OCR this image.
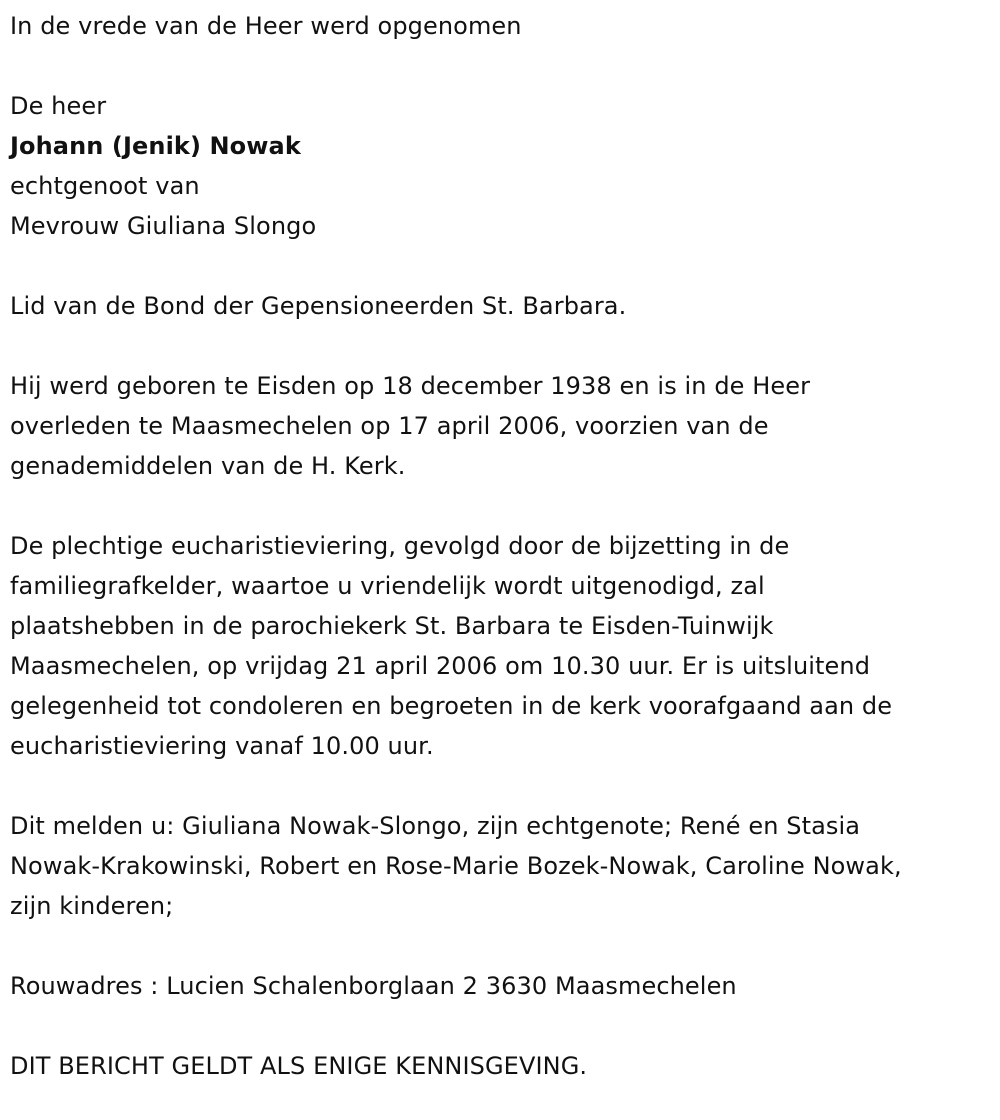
In de vrede van de Heer werd opgenomen
De heer
Johann (Jenik) Nowak
echtgenoot van
Mevrouw Giuliana Slongo
Lid van de Bond der Gepensioneerden St. Barbara.
Hij werd geboren te Eisden op 18 december 1938 en is in de Heer
overleden te Maasmechelen op 17 april 2006, voorzien van de
genademiddelen van de H. Kerk.
De plechtige eucharistieviering, gevolgd door de bijzetting in de
familiegrafkelder, waartoe u vriendelijk wordt uitgenodigd, zal
plaatshebben in de parochiekerk St. Barbara te Eisden-Tuinwijk
Maasmechelen, op vrijdag 21 april 2006 om 10.30 uur. Er is uitsluitend
gelegenheid tot condoleren en begroeten in de kerk voorafgaand aan de
eucharistieviering vanaf 10.00 uur.
Dit melden u: Giuliana Nowak-Slongo, zijn echtgenote; René en Stasia
Nowak-Krakowinski, Robert en Rose-Marie Bozek-Nowak, Caroline Nowak,
zijn kinderen;
Rouwadres : Lucien Schalenborglaan 2 3630 Maasmechelen
DIT BERICHT GELDT ALS ENIGE KENNISGEVING.
